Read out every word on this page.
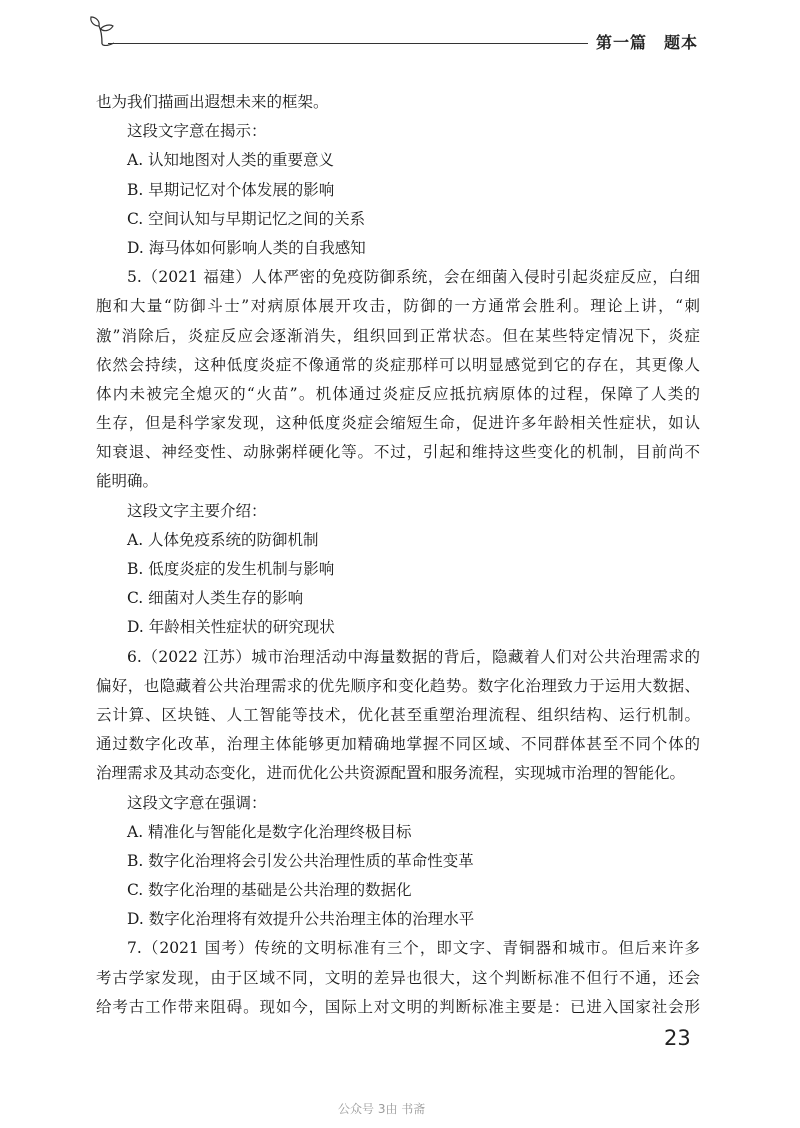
第一篇　题本
也为我们描画出遐想未来的框架。
这段文字意在揭示：
A. 认知地图对人类的重要意义
B. 早期记忆对个体发展的影响
C. 空间认知与早期记忆之间的关系
D. 海马体如何影响人类的自我感知
5.（2021 福建）人体严密的免疫防御系统，会在细菌入侵时引起炎症反应，白细
胞和大量“防御斗士”对病原体展开攻击，防御的一方通常会胜利。理论上讲，“刺
激”消除后，炎症反应会逐渐消失，组织回到正常状态。但在某些特定情况下，炎症
依然会持续，这种低度炎症不像通常的炎症那样可以明显感觉到它的存在，其更像人
体内未被完全熄灭的“火苗”。机体通过炎症反应抵抗病原体的过程，保障了人类的
生存，但是科学家发现，这种低度炎症会缩短生命，促进许多年龄相关性症状，如认
知衰退、神经变性、动脉粥样硬化等。不过，引起和维持这些变化的机制，目前尚不
能明确。
这段文字主要介绍：
A. 人体免疫系统的防御机制
B. 低度炎症的发生机制与影响
C. 细菌对人类生存的影响
D. 年龄相关性症状的研究现状
6.（2022 江苏）城市治理活动中海量数据的背后，隐藏着人们对公共治理需求的
偏好，也隐藏着公共治理需求的优先顺序和变化趋势。数字化治理致力于运用大数据、
云计算、区块链、人工智能等技术，优化甚至重塑治理流程、组织结构、运行机制。
通过数字化改革，治理主体能够更加精确地掌握不同区域、不同群体甚至不同个体的
治理需求及其动态变化，进而优化公共资源配置和服务流程，实现城市治理的智能化。
这段文字意在强调：
A. 精准化与智能化是数字化治理终极目标
B. 数字化治理将会引发公共治理性质的革命性变革
C. 数字化治理的基础是公共治理的数据化
D. 数字化治理将有效提升公共治理主体的治理水平
7.（2021 国考）传统的文明标准有三个，即文字、青铜器和城市。但后来许多
考古学家发现，由于区域不同，文明的差异也很大，这个判断标准不但行不通，还会
给考古工作带来阻碍。现如今，国际上对文明的判断标准主要是：已进入国家社会形
23
公众号 3由 书斋
